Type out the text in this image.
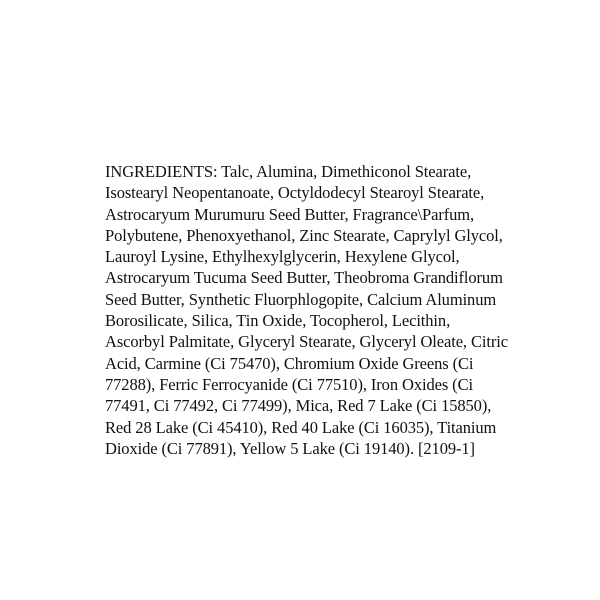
INGREDIENTS: Talc, Alumina, Dimethiconol Stearate,
Isostearyl Neopentanoate, Octyldodecyl Stearoyl Stearate,
Astrocaryum Murumuru Seed Butter, Fragrance\Parfum,
Polybutene, Phenoxyethanol, Zinc Stearate, Caprylyl Glycol,
Lauroyl Lysine, Ethylhexylglycerin, Hexylene Glycol,
Astrocaryum Tucuma Seed Butter, Theobroma Grandiflorum
Seed Butter, Synthetic Fluorphlogopite, Calcium Aluminum
Borosilicate, Silica, Tin Oxide, Tocopherol, Lecithin,
Ascorbyl Palmitate, Glyceryl Stearate, Glyceryl Oleate, Citric
Acid, Carmine (Ci 75470), Chromium Oxide Greens (Ci
77288), Ferric Ferrocyanide (Ci 77510), Iron Oxides (Ci
77491, Ci 77492, Ci 77499), Mica, Red 7 Lake (Ci 15850),
Red 28 Lake (Ci 45410), Red 40 Lake (Ci 16035), Titanium
Dioxide (Ci 77891), Yellow 5 Lake (Ci 19140). [2109-1]
